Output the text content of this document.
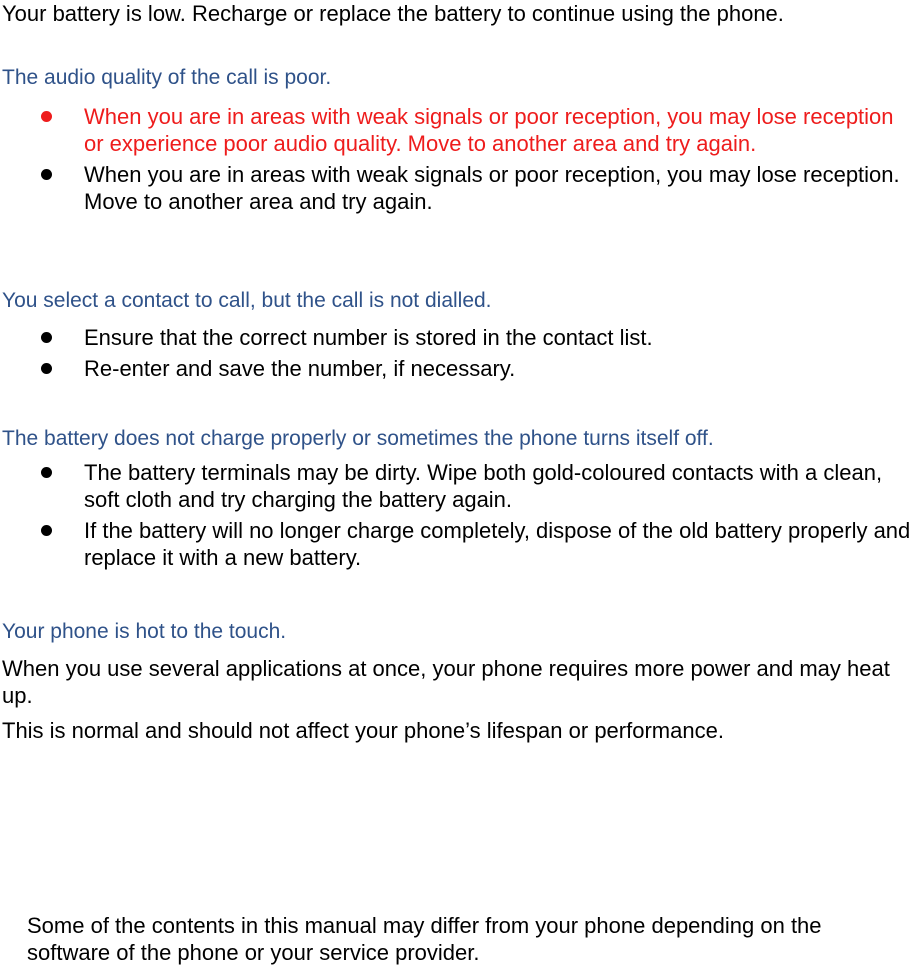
Your battery is low. Recharge or replace the battery to continue using the phone.
The audio quality of the call is poor.
When you are in areas with weak signals or poor reception, you may lose reception or experience poor audio quality. Move to another area and try again.
When you are in areas with weak signals or poor reception, you may lose reception. Move to another area and try again.
You select a contact to call, but the call is not dialled.
Ensure that the correct number is stored in the contact list.
Re-enter and save the number, if necessary.
The battery does not charge properly or sometimes the phone turns itself off.
The battery terminals may be dirty. Wipe both gold-coloured contacts with a clean, soft cloth and try charging the battery again.
If the battery will no longer charge completely, dispose of the old battery properly and replace it with a new battery.
Your phone is hot to the touch.
When you use several applications at once, your phone requires more power and may heat up.
This is normal and should not affect your phone’s lifespan or performance.
Some of the contents in this manual may differ from your phone depending on the software of the phone or your service provider.
